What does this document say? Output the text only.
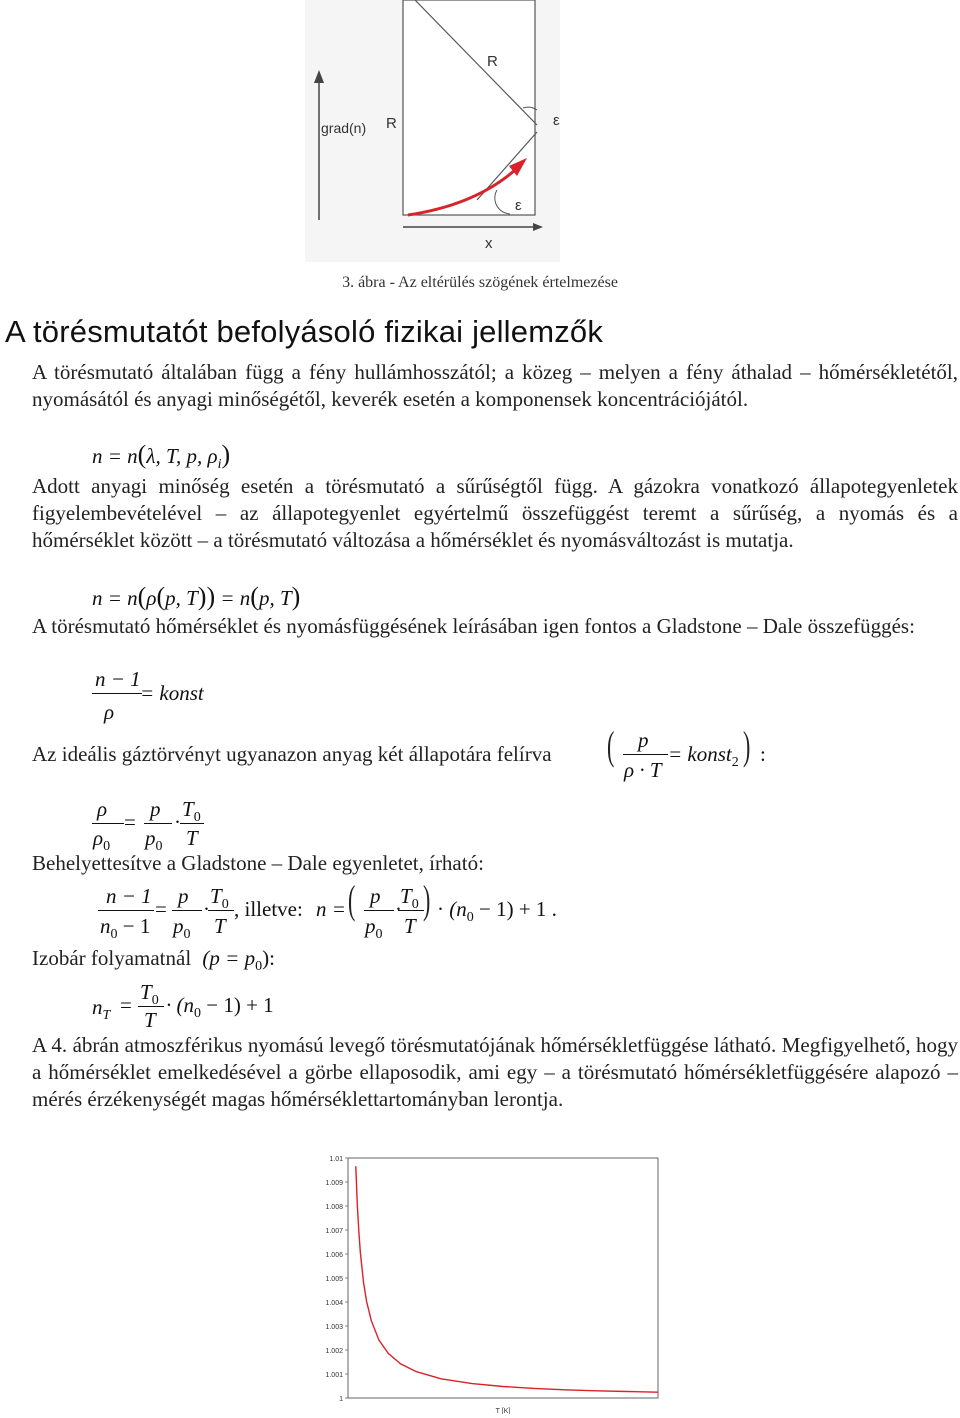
grad(n) R
R
ε
ε
x
3. ábra - Az eltérülés szögének értelmezése
A törésmutatót befolyásoló fizikai jellemzők
A törésmutató általában függ a fény hullámhosszától; a közeg – melyen a fény áthalad – hőmérsékletétől, nyomásától és anyagi minőségétől, keverék esetén a komponensek koncentrációjától.
n = n(λ, T, p, $\rho_i$)
Adott anyagi minőség esetén a törésmutató a sűrűségtől függ. A gázokra vonatkozó állapotegyenletek figyelembevételével – az állapotegyenlet egyértelmű összefüggést teremt a sűrűség, a nyomás és a hőmérséklet között – a törésmutató változása a hőmérséklet és nyomásváltozást is mutatja.
n = n(ρ(p, T)) = n(p, T)
A törésmutató hőmérséklet és nyomásfüggésének leírásában igen fontos a Gladstone – Dale összefüggés:
n − 1
ρ
= konst
Az ideális gáztörvényt ugyanazon anyag két állapotára felírva ( p
ρ · T
= konst$_2$ ) :
ρ
$\rho_0$
=
p
$p_0$
·
$T_0$
T
Behelyettesítve a Gladstone – Dale egyenletet, írható:
n − 1
$n_0 - 1$
=
p
$p_0$
·
$T_0$
T
, illetve: n = ( p
$p_0$
·
$T_0$
T
) · $(n_0 - 1) + 1$ .
Izobár folyamatnál $(p = p_0)$:
$n_T$ =
$T_0$
T
· $(n_0 - 1) + 1$
A 4. ábrán atmoszférikus nyomású levegő törésmutatójának hőmérsékletfüggése látható. Megfigyelhető, hogy a hőmérséklet emelkedésével a görbe ellaposodik, ami egy – a törésmutató hőmérsékletfüggésére alapozó – mérés érzékenységét magas hőmérséklettartományban lerontja.
1.01
1.009
1.008
1.007
1.006
1.005
1.004
1.003
1.002
1.001
1
T [K]
